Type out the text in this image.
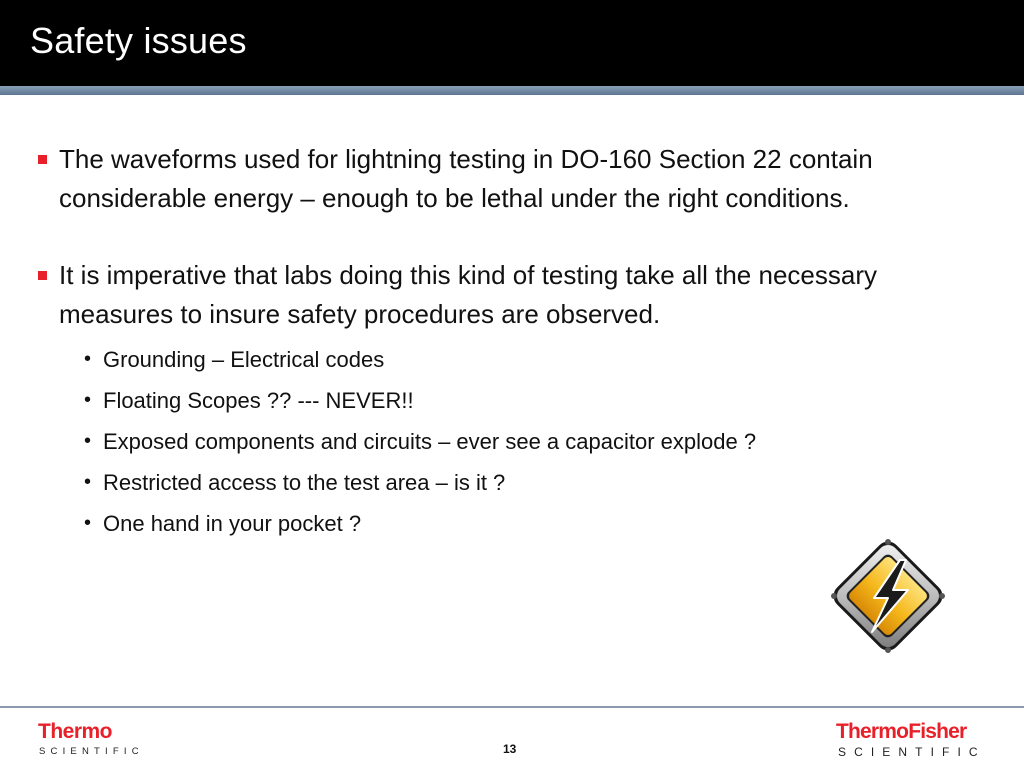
Safety issues
The waveforms used for lightning testing in DO-160 Section 22 contain considerable energy – enough to be lethal under the right conditions.
It is imperative that labs doing this kind of testing take all the necessary measures to insure safety procedures are observed.
• Grounding – Electrical codes
• Floating Scopes ?? --- NEVER!!
• Exposed components and circuits – ever see a capacitor explode ?
• Restricted access to the test area – is it ?
• One hand in your pocket ?
Thermo
SCIENTIFIC	13
ThermoFisher
SCIENTIFIC
